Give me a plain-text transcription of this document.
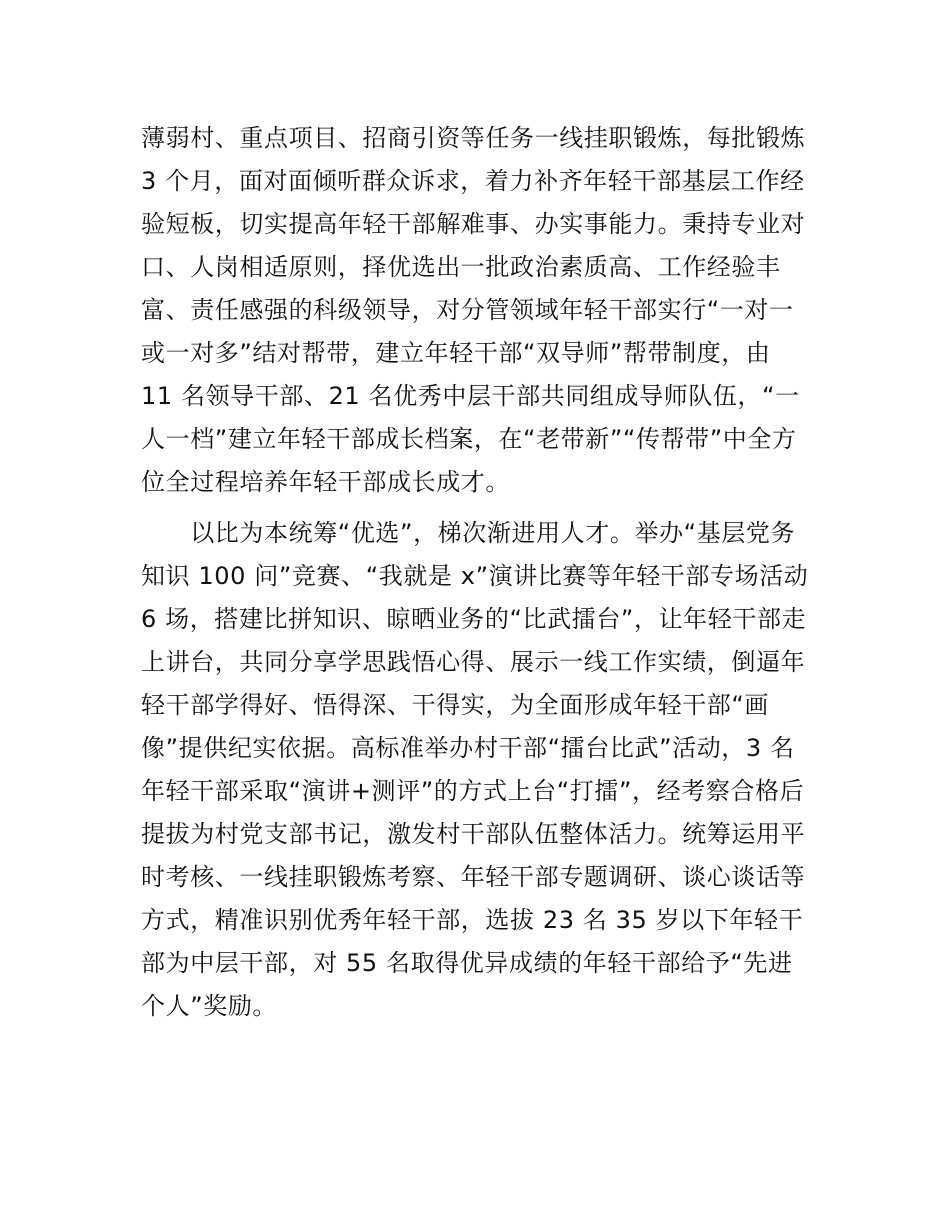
薄弱村、重点项目、招商引资等任务一线挂职锻炼，每批锻炼
3 个月，面对面倾听群众诉求，着力补齐年轻干部基层工作经
验短板，切实提高年轻干部解难事、办实事能力。秉持专业对
口、人岗相适原则，择优选出一批政治素质高、工作经验丰
富、责任感强的科级领导，对分管领域年轻干部实行“一对一
或一对多”结对帮带，建立年轻干部“双导师”帮带制度，由
11 名领导干部、21 名优秀中层干部共同组成导师队伍，“一
人一档”建立年轻干部成长档案，在“老带新”“传帮带”中全方
位全过程培养年轻干部成长成才。
　　以比为本统筹“优选”，梯次渐进用人才。举办“基层党务
知识 100 问”竞赛、“我就是 x”演讲比赛等年轻干部专场活动
6 场，搭建比拼知识、晾晒业务的“比武擂台”，让年轻干部走
上讲台，共同分享学思践悟心得、展示一线工作实绩，倒逼年
轻干部学得好、悟得深、干得实，为全面形成年轻干部“画
像”提供纪实依据。高标准举办村干部“擂台比武”活动，3 名
年轻干部采取“演讲+测评”的方式上台“打擂”，经考察合格后
提拔为村党支部书记，激发村干部队伍整体活力。统筹运用平
时考核、一线挂职锻炼考察、年轻干部专题调研、谈心谈话等
方式，精准识别优秀年轻干部，选拔 23 名 35 岁以下年轻干
部为中层干部，对 55 名取得优异成绩的年轻干部给予“先进
个人”奖励。
